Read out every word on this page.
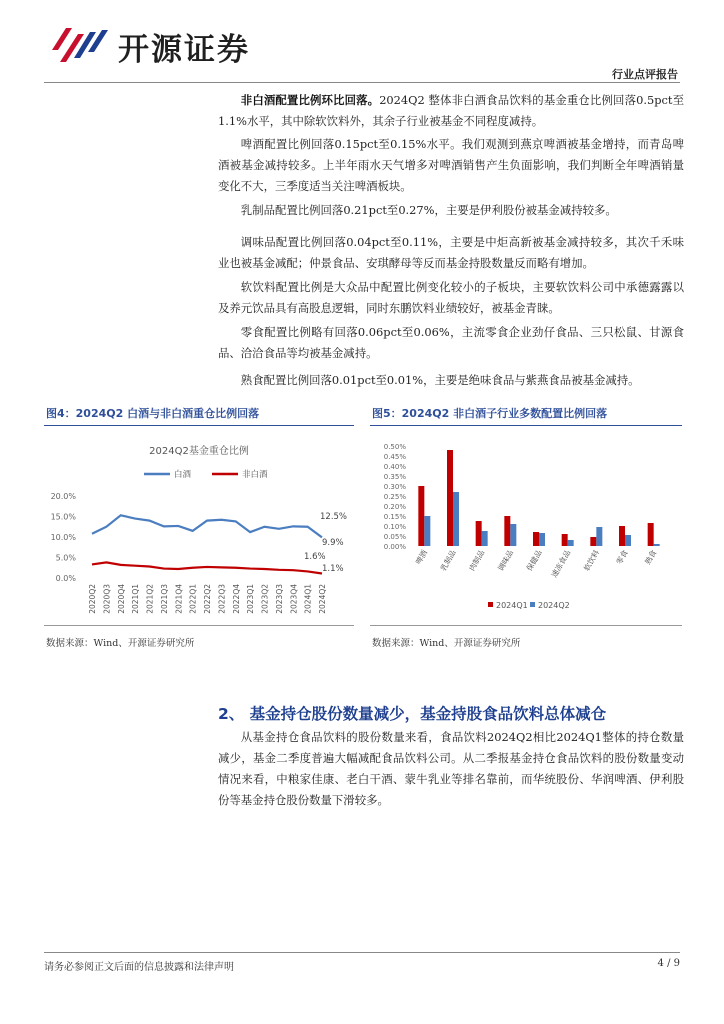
开源证券
行业点评报告

非白酒配置比例环比回落。2024Q2 整体非白酒食品饮料的基金重仓比例回落0.5pct至1.1%水平，其中除软饮料外，其余子行业被基金不同程度减持。

啤酒配置比例回落0.15pct至0.15%水平。我们观测到燕京啤酒被基金增持，而青岛啤酒被基金减持较多。上半年雨水天气增多对啤酒销售产生负面影响，我们判断全年啤酒销量变化不大，三季度适当关注啤酒板块。

乳制品配置比例回落0.21pct至0.27%，主要是伊利股份被基金减持较多。

调味品配置比例回落0.04pct至0.11%，主要是中炬高新被基金减持较多，其次千禾味业也被基金减配；仲景食品、安琪酵母等反而基金持股数量反而略有增加。

软饮料配置比例是大众品中配置比例变化较小的子板块，主要软饮料公司中承德露露以及养元饮品具有高股息逻辑，同时东鹏饮料业绩较好，被基金青睐。

零食配置比例略有回落0.06pct至0.06%，主流零食企业劲仔食品、三只松鼠、甘源食品、洽洽食品等均被基金减持。

熟食配置比例回落0.01pct至0.01%，主要是绝味食品与紫燕食品被基金减持。

图4：2024Q2 白酒与非白酒重仓比例回落	图5：2024Q2 非白酒子行业多数配置比例回落
2024Q2基金重仓比例
白酒	非白酒
20.0%
15.0%
10.0%
5.0%
0.0%
2020Q2 2020Q3 2020Q4 2021Q1 2021Q2 2021Q3 2021Q4 2022Q1 2022Q2 2022Q3 2022Q4 2023Q1 2023Q2 2023Q3 2023Q4 2024Q1 2024Q2
12.5%
9.9%
1.6%
1.1%
0.50%
0.45%
0.40%
0.35%
0.30%
0.25%
0.20%
0.15%
0.10%
0.05%
0.00%
啤酒 乳制品 肉制品 调味品 保健品 速冻食品 软饮料 零食 熟食
2024Q1 2024Q2
数据来源：Wind、开源证券研究所	数据来源：Wind、开源证券研究所
2、 基金持仓股份数量减少，基金持股食品饮料总体减仓

从基金持仓食品饮料的股份数量来看，食品饮料2024Q2相比2024Q1整体的持仓数量减少，基金二季度普遍大幅减配食品饮料公司。从二季报基金持仓食品饮料的股份数量变动情况来看，中粮家佳康、老白干酒、蒙牛乳业等排名靠前，而华统股份、华润啤酒、伊利股份等基金持仓股份数量下滑较多。

请务必参阅正文后面的信息披露和法律声明	4 / 9
